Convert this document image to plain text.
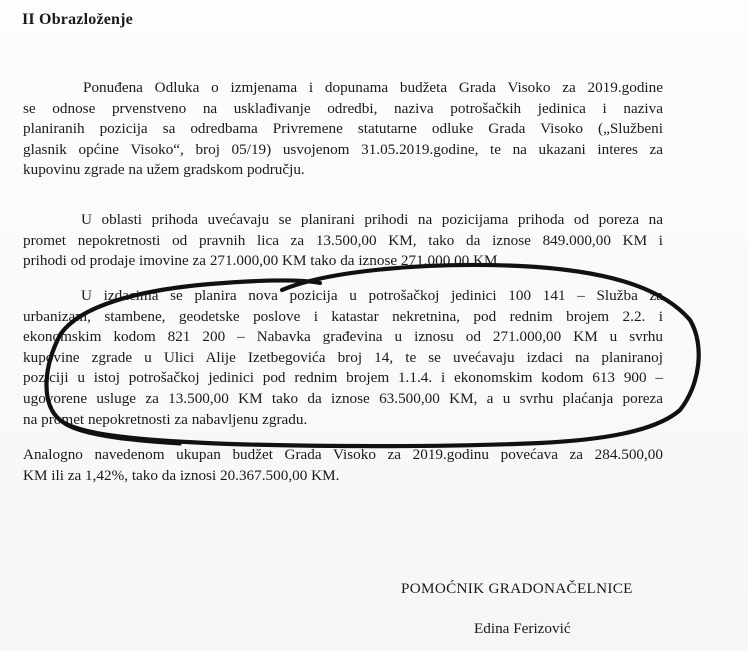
II Obrazloženje

Ponuđena Odluka o izmjenama i dopunama budžeta Grada Visoko za 2019.godine
se odnose prvenstveno na usklađivanje odredbi, naziva potrošačkih jedinica i naziva
planiranih pozicija sa odredbama Privremene statutarne odluke Grada Visoko („Službeni
glasnik općine Visoko“, broj 05/19) usvojenom 31.05.2019.godine, te na ukazani interes za
kupovinu zgrade na užem gradskom području.

U oblasti prihoda uvećavaju se planirani prihodi na pozicijama prihoda od poreza na
promet nepokretnosti od pravnih lica za 13.500,00 KM, tako da iznose 849.000,00 KM i
prihodi od prodaje imovine za 271.000,00 KM tako da iznose 271.000,00 KM.

U izdacima se planira nova pozicija u potrošačkoj jedinici 100 141 – Služba za
urbanizam, stambene, geodetske poslove i katastar nekretnina, pod rednim brojem 2.2. i
ekonomskim kodom 821 200 – Nabavka građevina u iznosu od 271.000,00 KM u svrhu
kupovine zgrade u Ulici Alije Izetbegovića broj 14, te se uvećavaju izdaci na planiranoj
poziciji u istoj potrošačkoj jedinici pod rednim brojem 1.1.4. i ekonomskim kodom 613 900 –
ugovorene usluge za 13.500,00 KM tako da iznose 63.500,00 KM, a u svrhu plaćanja poreza
na promet nepokretnosti za nabavljenu zgradu.

Analogno navedenom ukupan budžet Grada Visoko za 2019.godinu povećava za 284.500,00
KM ili za 1,42%, tako da iznosi 20.367.500,00 KM.

POMOĆNIK GRADONAČELNICE

Edina Ferizović
